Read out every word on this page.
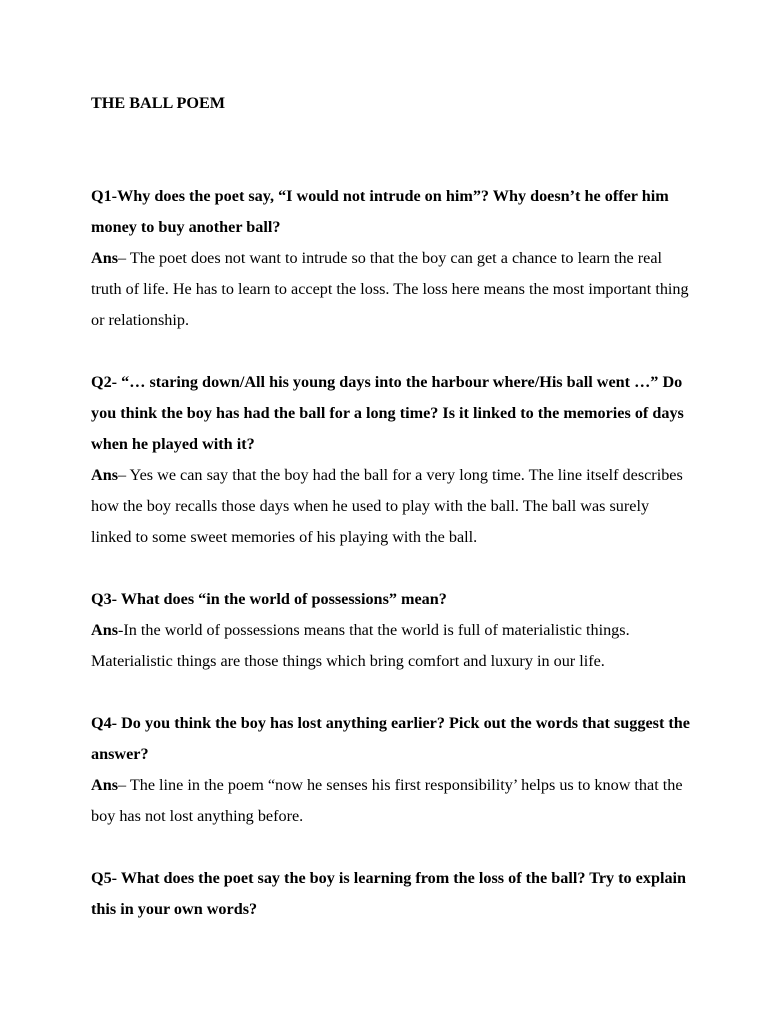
THE BALL POEM

Q1-Why does the poet say, “I would not intrude on him”? Why doesn’t he offer him money to buy another ball?

Ans– The poet does not want to intrude so that the boy can get a chance to learn the real truth of life. He has to learn to accept the loss. The loss here means the most important thing or relationship.

Q2- “… staring down/All his young days into the harbour where/His ball went …” Do you think the boy has had the ball for a long time? Is it linked to the memories of days when he played with it?

Ans– Yes we can say that the boy had the ball for a very long time. The line itself describes how the boy recalls those days when he used to play with the ball. The ball was surely linked to some sweet memories of his playing with the ball.

Q3- What does “in the world of possessions” mean?

Ans-In the world of possessions means that the world is full of materialistic things. Materialistic things are those things which bring comfort and luxury in our life.

Q4- Do you think the boy has lost anything earlier? Pick out the words that suggest the answer?

Ans– The line in the poem “now he senses his first responsibility’ helps us to know that the boy has not lost anything before.

Q5- What does the poet say the boy is learning from the loss of the ball? Try to explain this in your own words?
